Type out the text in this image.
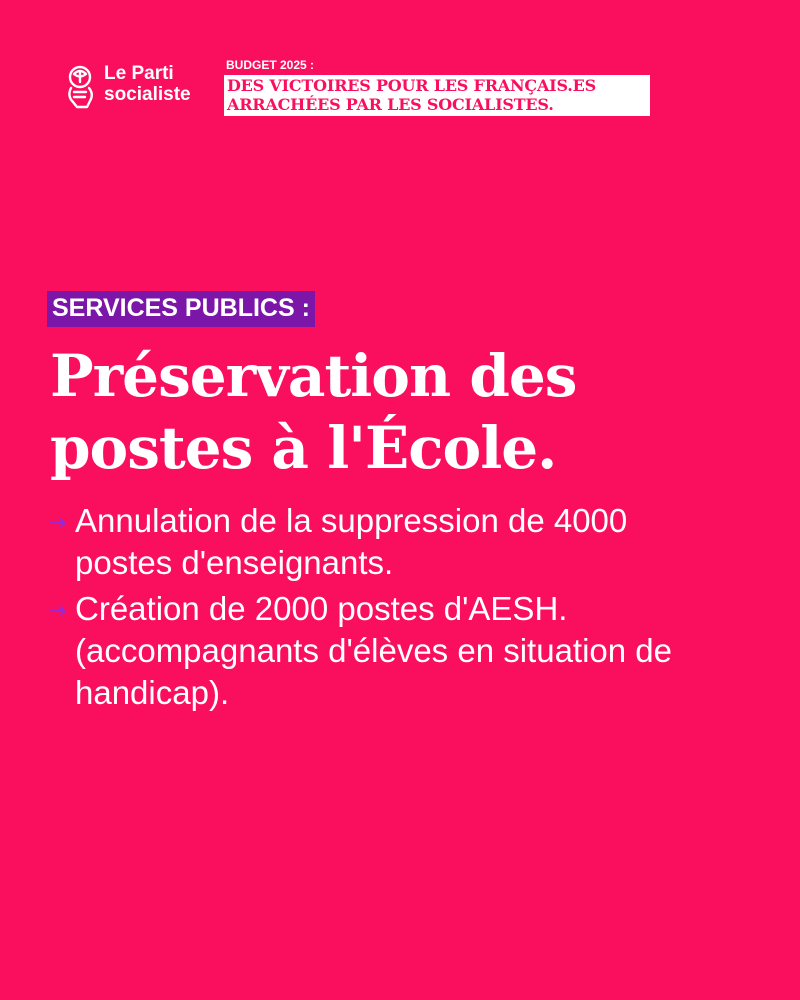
Le Parti
socialiste
BUDGET 2025 :
DES VICTOIRES POUR LES FRANÇAIS.ES
ARRACHÉES PAR LES SOCIALISTES.
SERVICES PUBLICS :
Préservation des
postes à l'École.
Annulation de la suppression de 4000
postes d'enseignants.
Création de 2000 postes d'AESH.
(accompagnants d'élèves en situation de
handicap).
